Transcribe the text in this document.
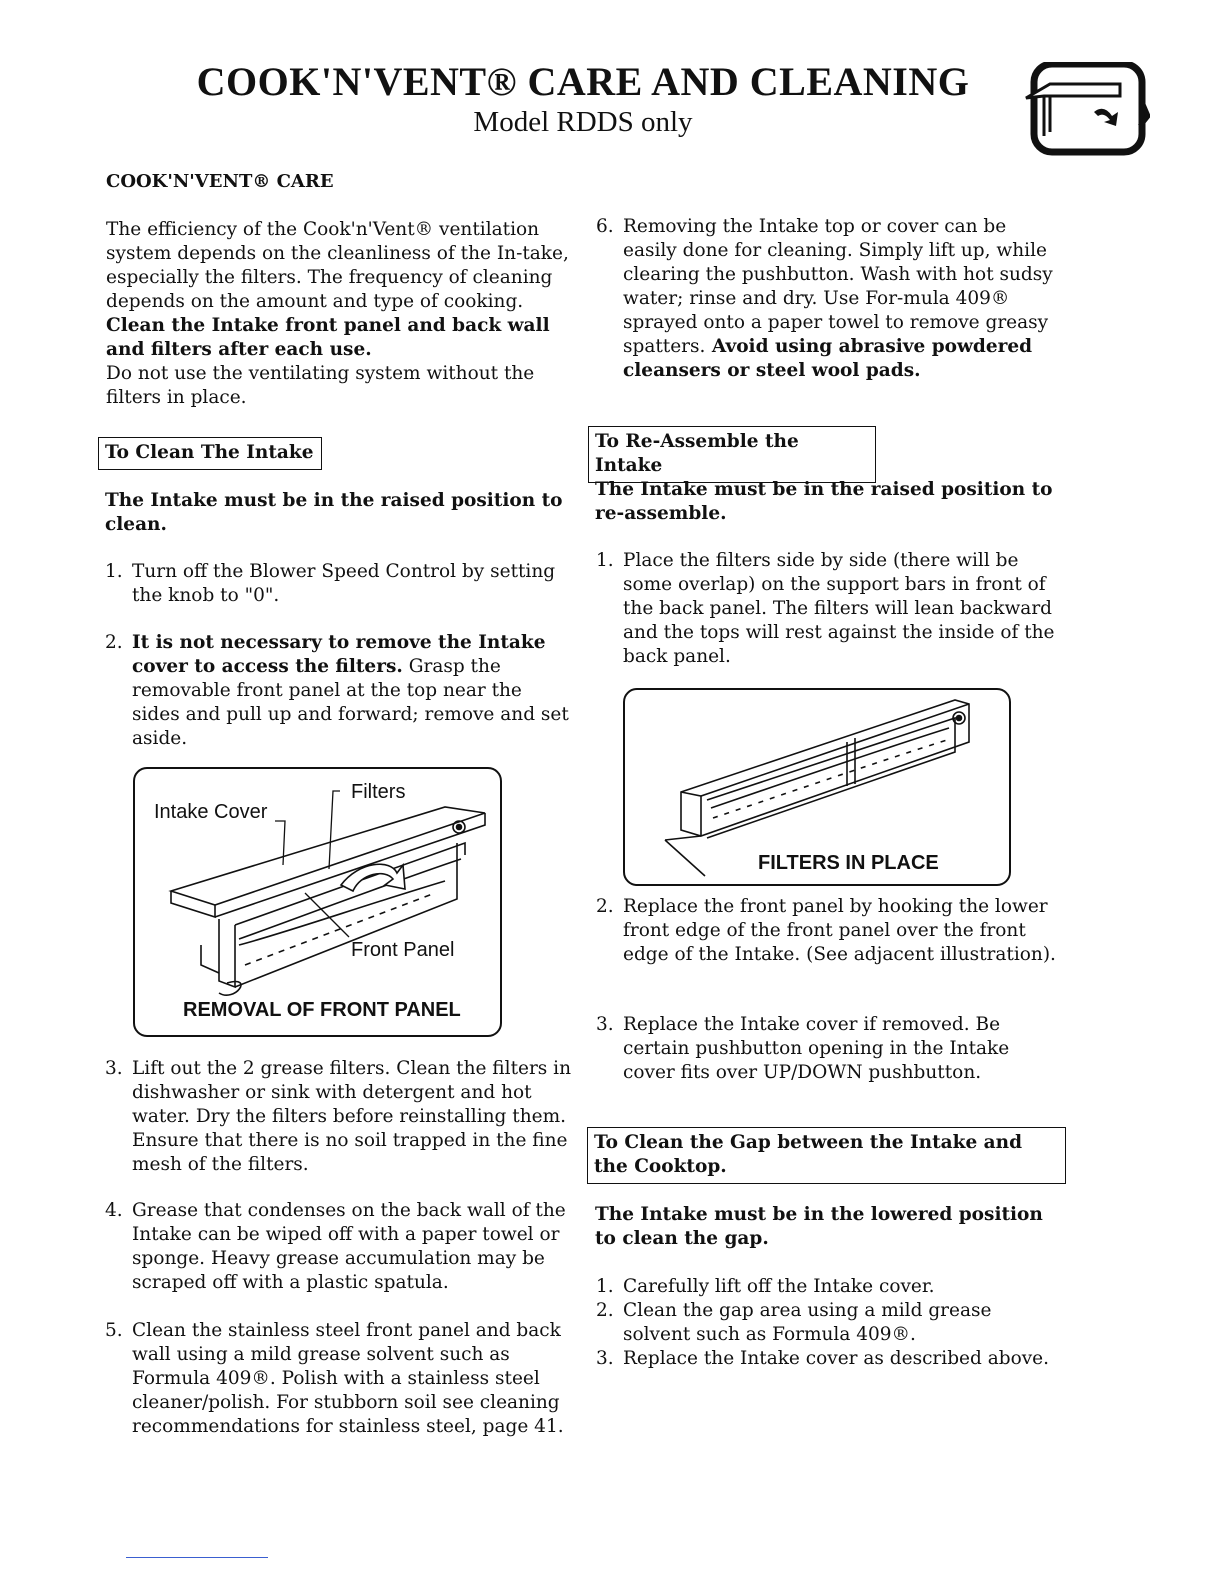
COOK'N'VENT® CARE AND CLEANING
Model RDDS only
COOK'N'VENT® CARE
The efficiency of the Cook'n'Vent® ventilation system depends on the cleanliness of the In-take, especially the filters. The frequency of cleaning depends on the amount and type of cooking. Clean the Intake front panel and back wall and filters after each use.
Do not use the ventilating system without the filters in place.
To Clean The Intake
The Intake must be in the raised position to clean.
1. Turn off the Blower Speed Control by setting the knob to "0".
2. It is not necessary to remove the Intake cover to access the filters. Grasp the removable front panel at the top near the sides and pull up and forward; remove and set aside.
Filters
Intake Cover
Front Panel
REMOVAL OF FRONT PANEL
3. Lift out the 2 grease filters. Clean the filters in dishwasher or sink with detergent and hot water. Dry the filters before reinstalling them. Ensure that there is no soil trapped in the fine mesh of the filters.
4. Grease that condenses on the back wall of the Intake can be wiped off with a paper towel or sponge. Heavy grease accumulation may be scraped off with a plastic spatula.
5. Clean the stainless steel front panel and back wall using a mild grease solvent such as Formula 409®. Polish with a stainless steel cleaner/polish. For stubborn soil see cleaning recommendations for stainless steel, page 41.
6. Removing the Intake top or cover can be easily done for cleaning. Simply lift up, while clearing the pushbutton. Wash with hot sudsy water; rinse and dry. Use For-mula 409® sprayed onto a paper towel to remove greasy spatters. Avoid using abrasive powdered cleansers or steel wool pads.
To Re-Assemble the Intake
The Intake must be in the raised position to re-assemble.
1. Place the filters side by side (there will be some overlap) on the support bars in front of the back panel. The filters will lean backward and the tops will rest against the inside of the back panel.
FILTERS IN PLACE
2. Replace the front panel by hooking the lower front edge of the front panel over the front edge of the Intake. (See adjacent illustration).
3. Replace the Intake cover if removed. Be certain pushbutton opening in the Intake cover fits over UP/DOWN pushbutton.
To Clean the Gap between the Intake and the Cooktop.
The Intake must be in the lowered position to clean the gap.
1. Carefully lift off the Intake cover.
2. Clean the gap area using a mild grease solvent such as Formula 409®.
3. Replace the Intake cover as described above.
